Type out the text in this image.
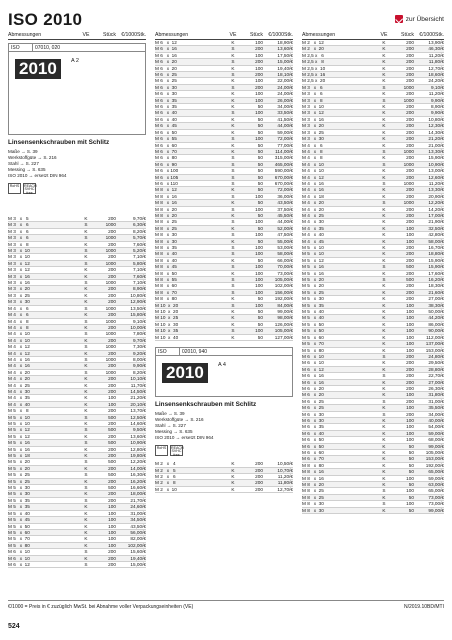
ISO 2010	zur Übersicht
Abmessungen	VE	Stück €/1000Stk.
ISO	07010, 020
2010	A 2
Linsensenkschrauben mit Schlitz
Maße → S. 39
Werkstoffgüte → S. 216
Stahl → S. 227
Messing → S. 635
ISO 2010 → ersetzt DIN 964
RoHS	REACH SVHC free
M 3   x   5	K	200	9,70/€
M 3   x   6	S	1000	6,30/€
M 3   x   6	K	200	8,20/€
M 3   x   6	S	1000	5,70/€
M 3   x   8	K	200	7,60/€
M 3   x  10	S	1000	5,20/€
M 3   x  10	K	200	7,10/€
M 3   x  12	S	1000	5,80/€
M 3   x  12	K	200	7,10/€
M 3   x  16	K	200	7,60/€
M 3   x  16	S	1000	7,10/€
M 3   x  20	K	200	8,90/€
M 3   x  25	K	200	10,80/€
M 3   x  30	K	200	12,90/€
M 4   x   6	S	1000	13,50/€
M 4   x   6	K	200	15,80/€
M 4   x   8	S	1000	9,10/€
M 4   x   8	K	200	10,00/€
M 4   x  10	S	1000	7,80/€
M 4   x  10	K	200	9,70/€
M 4   x  12	S	1000	7,30/€
M 4   x  12	K	200	9,20/€
M 4   x  16	S	1000	8,00/€
M 4   x  16	K	200	9,90/€
M 4   x  20	S	1000	8,20/€
M 4   x  20	K	200	10,10/€
M 4   x  25	K	200	11,70/€
M 4   x  30	K	200	14,50/€
M 4   x  35	K	100	21,20/€
M 4   x  40	K	100	20,10/€
M 5   x   8	K	200	13,70/€
M 5   x  10	S	500	12,50/€
M 5   x  10	K	200	14,60/€
M 5   x  12	S	500	9,50/€
M 5   x  12	K	200	13,60/€
M 5   x  16	S	500	10,90/€
M 5   x  16	K	200	12,80/€
M 5   x  18	K	200	19,80/€
M 5   x  20	S	500	12,20/€
M 5   x  20	K	200	14,00/€
M 5   x  25	S	500	16,30/€
M 5   x  25	K	200	16,20/€
M 5   x  30	S	500	16,60/€
M 5   x  30	K	200	18,00/€
M 5   x  35	S	200	21,70/€
M 5   x  35	K	100	24,60/€
M 5   x  40	K	100	31,00/€
M 5   x  45	K	100	34,50/€
M 5   x  50	K	100	43,50/€
M 5   x  60	K	100	56,00/€
M 5   x  70	K	100	82,00/€
M 5   x  80	K	100	102,00/€
M 6   x  10	S	200	15,60/€
M 6   x  10	K	200	19,40/€
M 6   x  12	S	200	15,00/€
Abmessungen	VE	Stück €/1000Stk.
M 6   x  12	K	100	18,90/€
M 6   x  16	S	200	13,60/€
M 6   x  16	K	100	17,50/€
M 6   x  20	S	200	15,00/€
M 6   x  20	K	100	19,40/€
M 6   x  25	S	200	18,10/€
M 6   x  25	K	100	22,00/€
M 6   x  30	S	200	24,00/€
M 6   x  30	K	100	24,00/€
M 6   x  35	K	100	26,00/€
M 6   x  35	K	50	34,00/€
M 6   x  40	S	100	33,50/€
M 6   x  40	K	50	41,50/€
M 6   x  45	K	50	44,00/€
M 6   x  50	K	50	59,00/€
M 6   x  55	S	100	72,00/€
M 6   x  60	K	50	77,00/€
M 6   x  70	K	50	114,00/€
M 6   x  80	S	50	315,00/€
M 6   x  90	S	50	465,00/€
M 6   x 100	S	50	590,00/€
M 6   x 105	S	50	670,00/€
M 6   x 110	S	50	670,00/€
M 8   x  12	K	50	72,00/€
M 8   x  16	S	100	36,00/€
M 8   x  16	K	50	43,50/€
M 8   x  20	S	100	37,50/€
M 8   x  20	K	50	45,50/€
M 8   x  25	S	100	44,00/€
M 8   x  25	K	50	52,00/€
M 8   x  30	S	100	47,50/€
M 8   x  30	K	50	55,00/€
M 8   x  35	S	100	53,00/€
M 8   x  40	S	100	58,00/€
M 8   x  40	K	50	66,00/€
M 8   x  45	S	100	70,00/€
M 8   x  50	K	100	73,00/€
M 8   x  55	S	100	105,00/€
M 8   x  60	S	100	102,00/€
M 8   x  70	S	100	156,00/€
M 8   x  80	K	50	192,00/€
M 10  x  20	S	100	84,00/€
M 10  x  20	K	50	99,00/€
M 10  x  25	K	50	98,00/€
M 10  x  30	K	50	126,00/€
M 10  x  35	S	100	105,00/€
M 10  x  40	K	50	127,00/€
ISO	02010, 940
2010	A 4
Linsensenkschrauben mit Schlitz
Maße → S. 39
Werkstoffgüte → S. 216
Stahl → S. 227
Messing → S. 635
ISO 2010 → ersetzt DIN 964
RoHS	REACH SVHC free
M 2   x   4	K	200	10,50/€
M 2   x   5	K	200	10,70/€
M 2   x   6	K	200	11,20/€
M 2   x   8	K	200	11,80/€
M 2   x  10	K	200	12,70/€
Abmessungen	VE	Stück €/1000Stk.
M 2   x  12	K	200	13,90/€
M 2   x  20	K	200	46,30/€
M 2,5 x   6	K	200	11,20/€
M 2,5 x   8	K	200	11,80/€
M 2,5 x  10	K	200	12,70/€
M 2,5 x  16	K	200	18,60/€
M 2,5 x  20	K	200	24,20/€
M 3   x   6	S	1000	9,10/€
M 3   x   6	K	200	11,20/€
M 3   x   8	S	1000	9,90/€
M 3   x  10	K	200	8,90/€
M 3   x  12	K	200	9,90/€
M 3   x  16	K	200	10,80/€
M 3   x  20	K	200	12,30/€
M 3   x  25	K	200	14,30/€
M 3   x  30	K	200	21,20/€
M 4   x   6	K	200	21,00/€
M 4   x   8	S	1000	13,30/€
M 4   x   8	K	200	15,90/€
M 4   x  10	S	1000	10,90/€
M 4   x  10	K	200	13,00/€
M 4   x  12	K	200	12,60/€
M 4   x  16	S	1000	11,20/€
M 4   x  16	K	200	13,30/€
M 4   x  18	K	200	20,90/€
M 4   x  20	S	1000	12,20/€
M 4   x  20	K	200	14,20/€
M 4   x  25	K	200	17,00/€
M 4   x  30	K	200	21,90/€
M 4   x  35	K	100	32,50/€
M 4   x  40	K	100	42,80/€
M 4   x  45	K	100	58,00/€
M 5   x  10	K	200	16,70/€
M 5   x  10	K	200	18,80/€
M 5   x  12	K	200	15,90/€
M 5   x  16	S	500	15,90/€
M 5   x  16	K	200	17,60/€
M 5   x  20	S	500	16,20/€
M 5   x  20	K	200	18,30/€
M 5   x  25	K	200	21,60/€
M 5   x  30	K	200	27,00/€
M 5   x  35	K	100	38,30/€
M 5   x  40	K	100	50,00/€
M 5   x  40	K	100	44,20/€
M 5   x  50	K	100	86,00/€
M 5   x  50	K	100	90,00/€
M 5   x  60	K	100	112,00/€
M 5   x  70	K	100	137,00/€
M 5   x  80	K	100	153,00/€
M 6   x  10	S	200	24,80/€
M 6   x  10	K	200	29,50/€
M 6   x  12	K	200	28,80/€
M 6   x  16	S	200	22,70/€
M 6   x  16	K	200	27,00/€
M 6   x  20	K	200	26,30/€
M 6   x  20	K	100	31,80/€
M 6   x  25	S	200	31,00/€
M 6   x  25	K	100	35,50/€
M 6   x  30	S	200	34,00/€
M 6   x  30	K	100	40,00/€
M 6   x  35	K	100	54,00/€
M 6   x  40	K	100	59,00/€
M 6   x  50	K	100	68,00/€
M 6   x  50	K	50	99,00/€
M 6   x  60	K	50	105,00/€
M 6   x  70	K	50	153,00/€
M 8   x  80	K	50	192,00/€
M 8   x  16	K	50	65,00/€
M 8   x  16	K	100	59,00/€
M 8   x  20	K	50	63,00/€
M 8   x  25	S	100	65,00/€
M 8   x  25	K	50	73,00/€
M 8   x  30	S	100	73,00/€
M 8   x  30	K	50	99,00/€
€/1000 = Preis in € zuzüglich MwSt. bei Abnahme voller Verpackungseinheiten (VE)	N/2019.10BD/MTI
524
